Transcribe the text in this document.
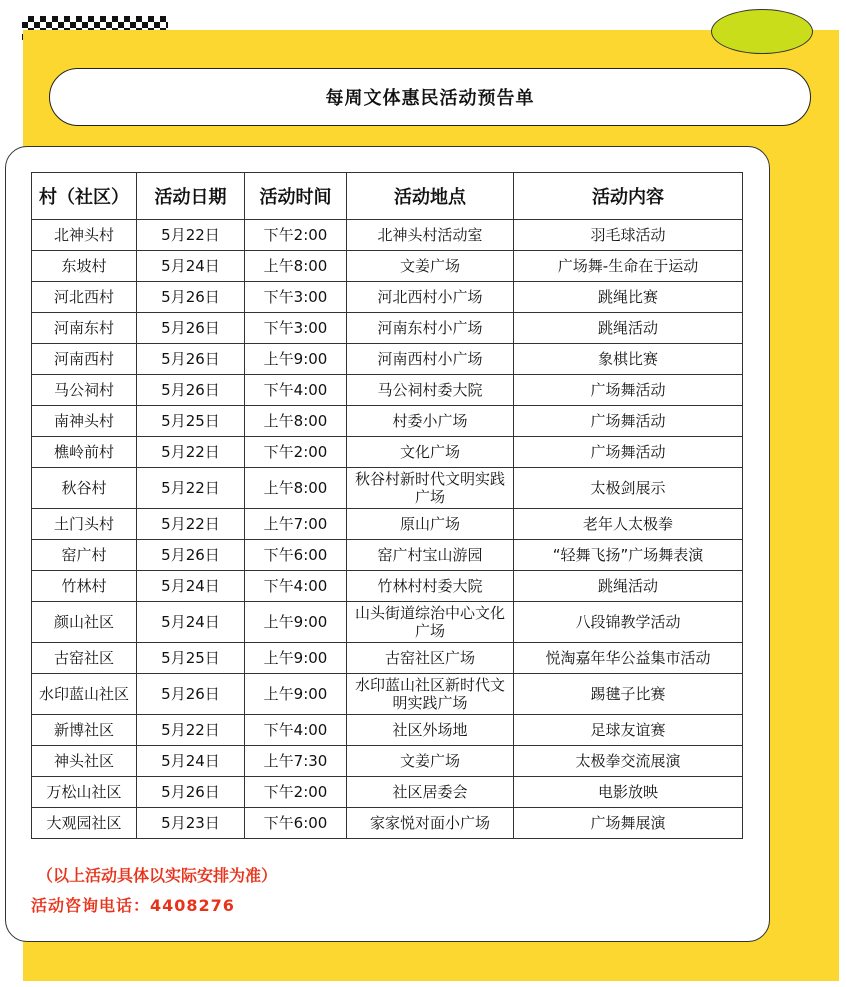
每周文体惠民活动预告单
村（社区）	活动日期	活动时间	活动地点	活动内容
北神头村	5月22日	下午2:00	北神头村活动室	羽毛球活动
东坡村	5月24日	上午8:00	文姜广场	广场舞-生命在于运动
河北西村	5月26日	下午3:00	河北西村小广场	跳绳比赛
河南东村	5月26日	下午3:00	河南东村小广场	跳绳活动
河南西村	5月26日	上午9:00	河南西村小广场	象棋比赛
马公祠村	5月26日	下午4:00	马公祠村委大院	广场舞活动
南神头村	5月25日	上午8:00	村委小广场	广场舞活动
樵岭前村	5月22日	下午2:00	文化广场	广场舞活动
秋谷村	5月22日	上午8:00	秋谷村新时代文明实践广场	太极剑展示
土门头村	5月22日	上午7:00	原山广场	老年人太极拳
窑广村	5月26日	下午6:00	窑广村宝山游园	“轻舞飞扬”广场舞表演
竹林村	5月24日	下午4:00	竹林村村委大院	跳绳活动
颜山社区	5月24日	上午9:00	山头街道综治中心文化广场	八段锦教学活动
古窑社区	5月25日	上午9:00	古窑社区广场	悦淘嘉年华公益集市活动
水印蓝山社区	5月26日	上午9:00	水印蓝山社区新时代文明实践广场	踢毽子比赛
新博社区	5月22日	下午4:00	社区外场地	足球友谊赛
神头社区	5月24日	上午7:30	文姜广场	太极拳交流展演
万松山社区	5月26日	下午2:00	社区居委会	电影放映
大观园社区	5月23日	下午6:00	家家悦对面小广场	广场舞展演
（以上活动具体以实际安排为准）
活动咨询电话：4408276
